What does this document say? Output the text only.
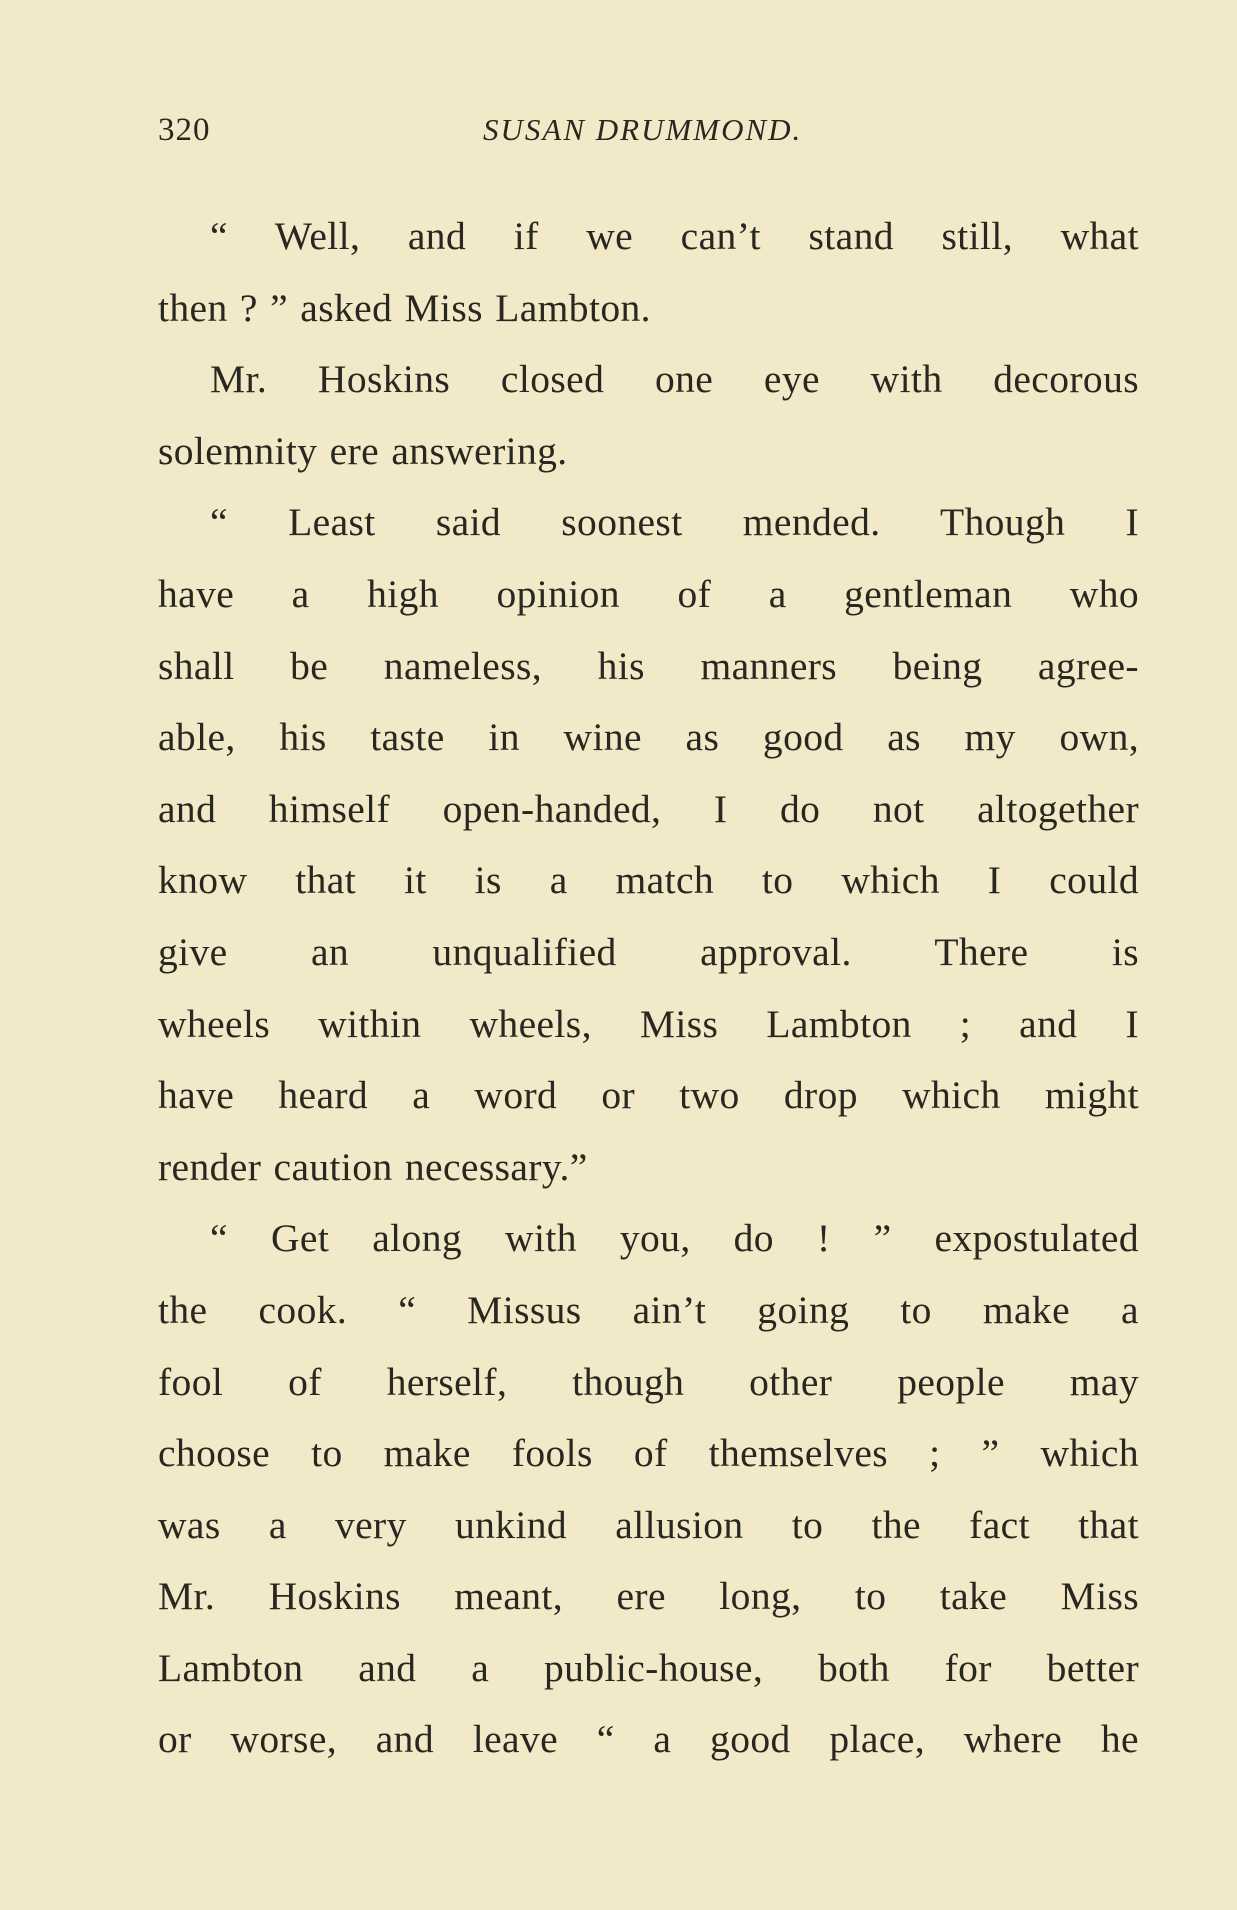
320	SUSAN DRUMMOND.
“ Well, and if we can’t stand still, what
then ? ” asked Miss Lambton.
Mr. Hoskins closed one eye with decorous
solemnity ere answering.
“ Least said soonest mended. Though I
have a high opinion of a gentleman who
shall be nameless, his manners being agree-
able, his taste in wine as good as my own,
and himself open-handed, I do not altogether
know that it is a match to which I could
give an unqualified approval. There is
wheels within wheels, Miss Lambton ; and I
have heard a word or two drop which might
render caution necessary.”
“ Get along with you, do ! ” expostulated
the cook. “ Missus ain’t going to make a
fool of herself, though other people may
choose to make fools of themselves ; ” which
was a very unkind allusion to the fact that
Mr. Hoskins meant, ere long, to take Miss
Lambton and a public-house, both for better
or worse, and leave “ a good place, where he
